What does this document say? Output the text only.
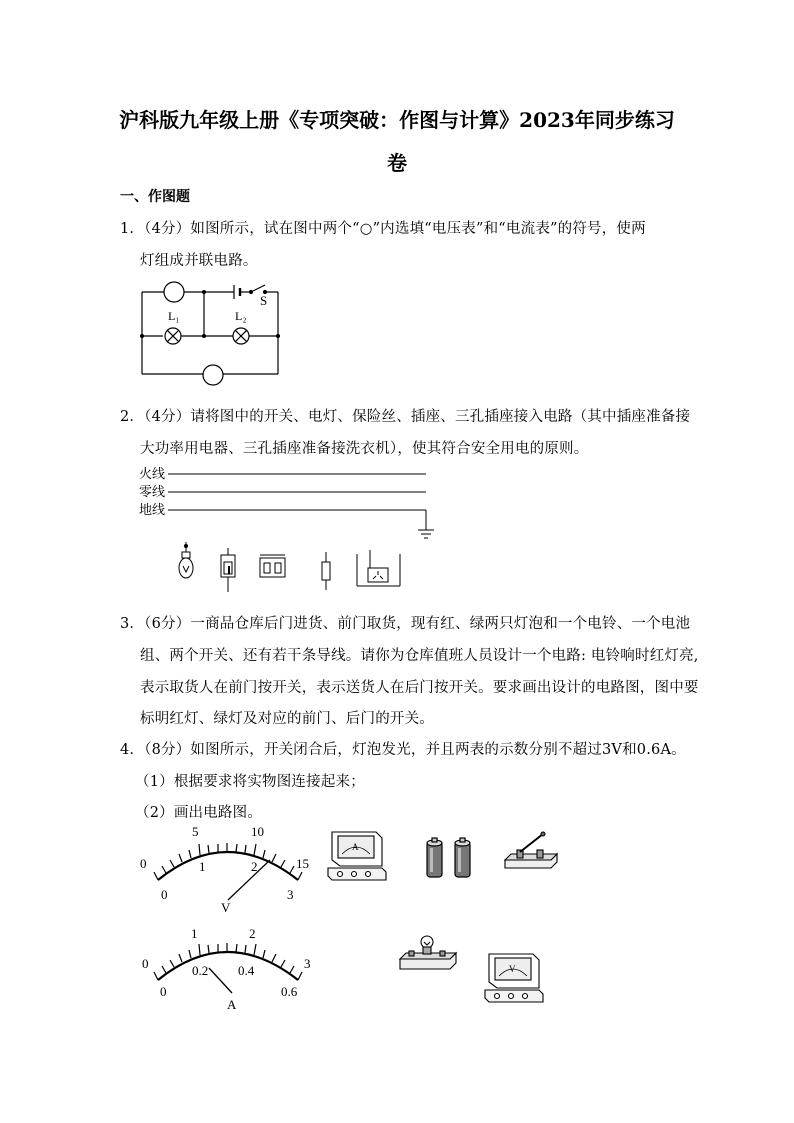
沪科版九年级上册《专项突破：作图与计算》2023年同步练习
卷
一、作图题
1．（4分）如图所示，试在图中两个“○”内选填“电压表”和“电流表”的符号，使两
灯组成并联电路。
S
L₁	L₂
2．（4分）请将图中的开关、电灯、保险丝、插座、三孔插座接入电路（其中插座准备接
大功率用电器、三孔插座准备接洗衣机），使其符合安全用电的原则。
火线
零线
地线
3．（6分）一商品仓库后门进货、前门取货，现有红、绿两只灯泡和一个电铃、一个电池
组、两个开关、还有若干条导线。请你为仓库值班人员设计一个电路: 电铃响时红灯亮,
表示取货人在前门按开关，表示送货人在后门按开关。要求画出设计的电路图，图中要
标明红灯、绿灯及对应的前门、后门的开关。
4．（8分）如图所示，开关闭合后，灯泡发光，并且两表的示数分别不超过3V和0.6A。
（1）根据要求将实物图连接起来；
（2）画出电路图。
0
5	10
15
0
1	2
3
V
0
1	2
3
0
0.2 0.4
0.6
A
A
V
